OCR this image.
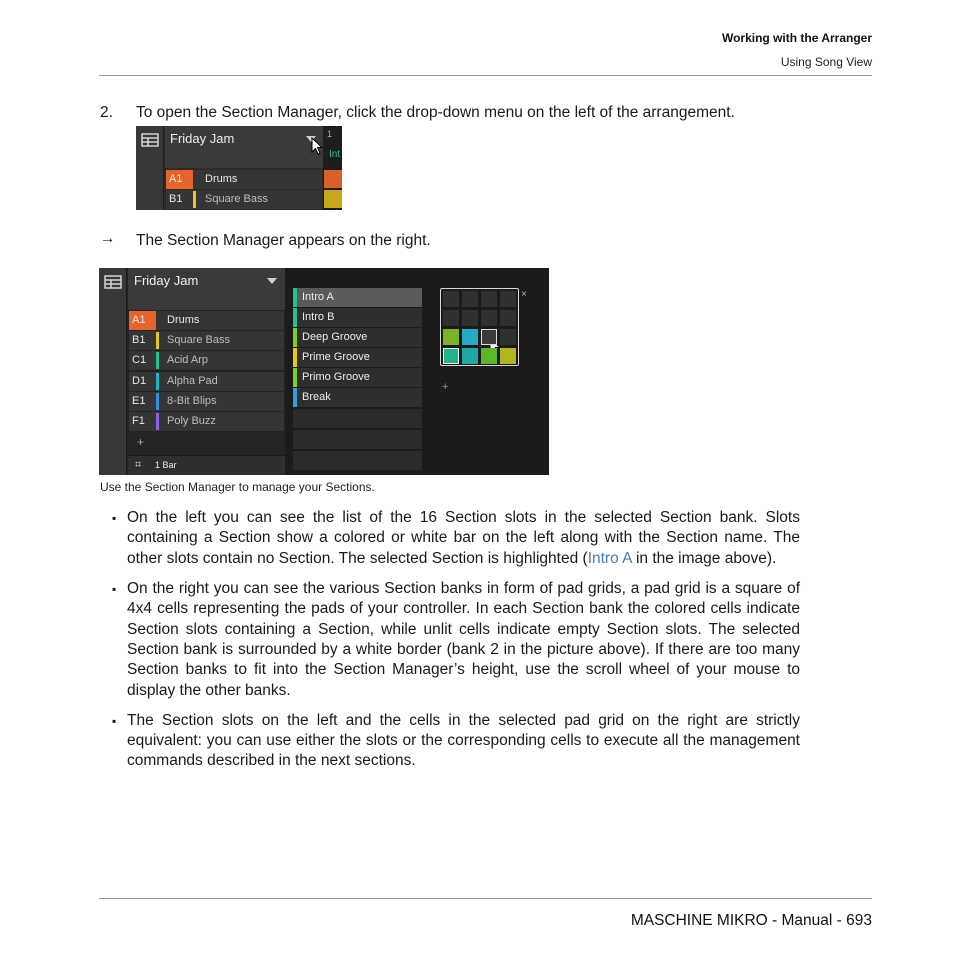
Working with the Arranger
Using Song View
2. To open the Section Manager, click the drop-down menu on the left of the arrangement.
Friday Jam	1
Int
A1	Drums
B1 Square Bass
→ The Section Manager appears on the right.
Friday Jam
A1	Drums
B1 Square Bass
C1 Acid Arp
D1 Alpha Pad
E1 8-Bit Blips
F1 Poly Buzz
+
⌗ 1 Bar
Intro A
Intro B
Deep Groove
Prime Groove
Primo Groove
Break
×
+
Use the Section Manager to manage your Sections.
▪ On the left you can see the list of the 16 Section slots in the selected Section bank. Slots containing a Section show a colored or white bar on the left along with the Section name. The other slots contain no Section. The selected Section is highlighted (Intro A in the image above).
▪ On the right you can see the various Section banks in form of pad grids, a pad grid is a square of 4x4 cells representing the pads of your controller. In each Section bank the colored cells indicate Section slots containing a Section, while unlit cells indicate empty Section slots. The selected Section bank is surrounded by a white border (bank 2 in the picture above). If there are too many Section banks to fit into the Section Manager’s height, use the scroll wheel of your mouse to display the other banks.
▪ The Section slots on the left and the cells in the selected pad grid on the right are strictly equivalent: you can use either the slots or the corresponding cells to execute all the management commands described in the next sections.
MASCHINE MIKRO - Manual - 693
